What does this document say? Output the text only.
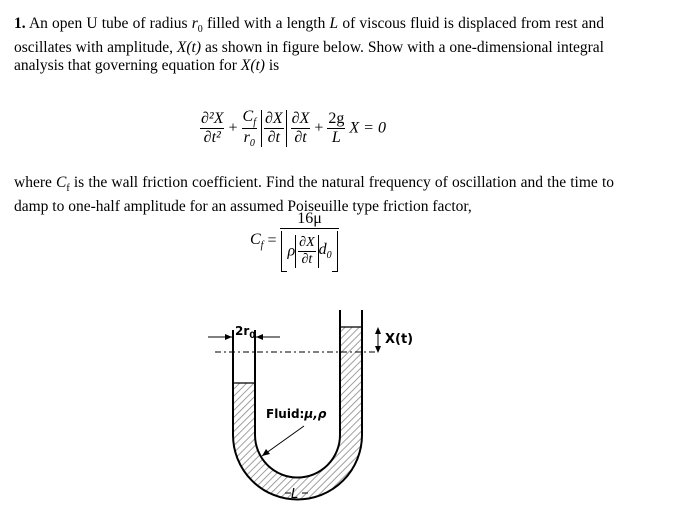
1. An open U tube of radius $r_0$ filled with a length L of viscous fluid is displaced from rest and oscillates with amplitude, X(t) as shown in figure below. Show with a one-dimensional integral analysis that governing equation for X(t) is

$\frac{\text{∂²X}}{\text{∂t²}} + \frac{C_f}{r_0}$
$\frac{\partial X}{\partial t}$
$\frac{\partial X}{\partial t} + \frac{2g}{L}$ X = 0

where $C_f$ is the wall friction coefficient. Find the natural frequency of oscillation and the time to damp to one-half amplitude for an assumed Poiseuille type friction factor,

$C_f = \frac{16\mu}{\rho \frac{\partial X}{\partial t} d_0}$
$2r_0$	X(t)
Fluid:μ,ρ
L
